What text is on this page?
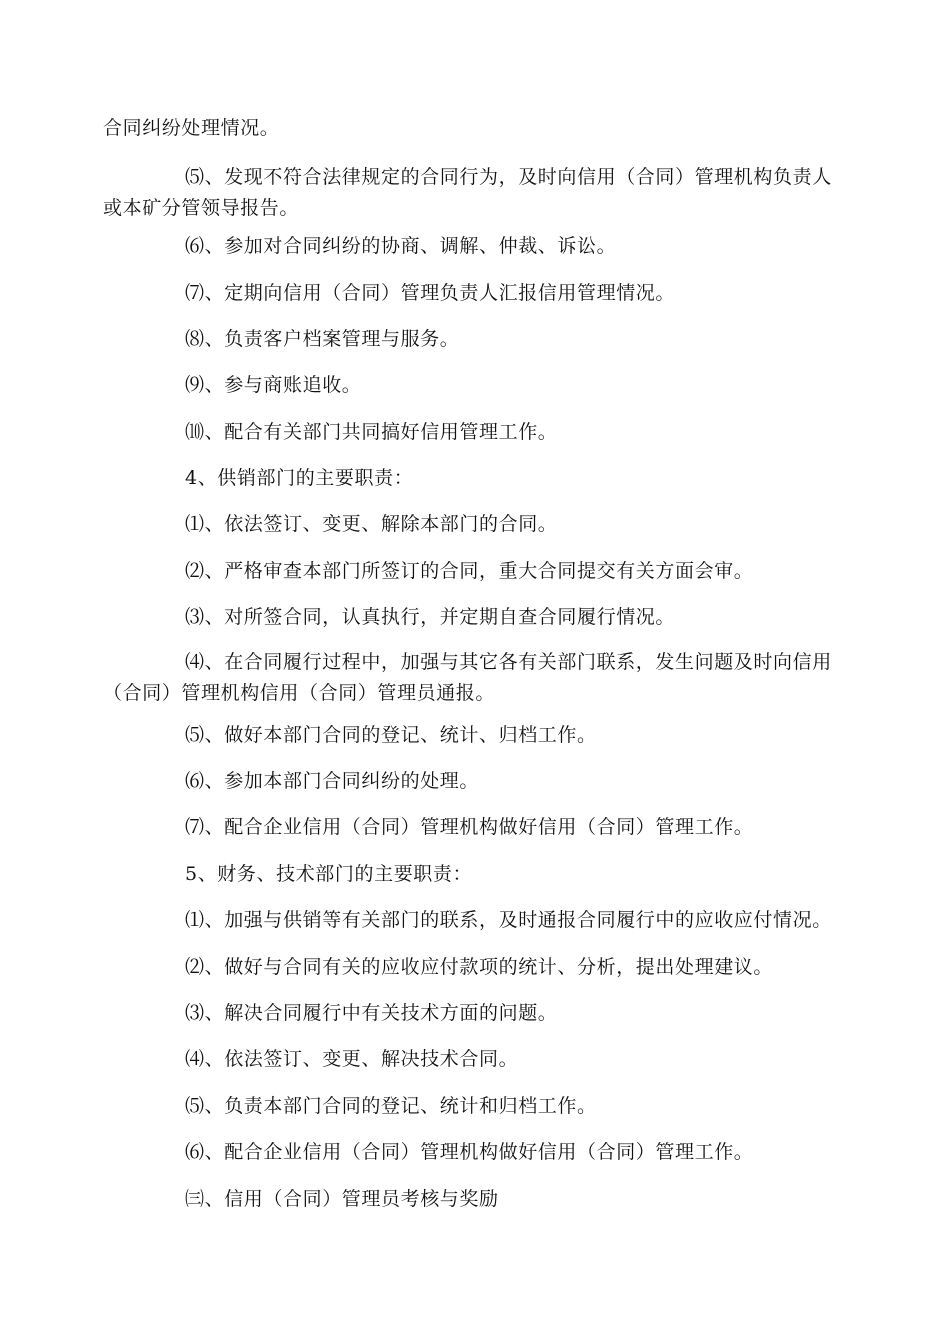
合同纠纷处理情况。

⑸、发现不符合法律规定的合同行为，及时向信用（合同）管理机构负责人或本矿分管领导报告。

⑹、参加对合同纠纷的协商、调解、仲裁、诉讼。

⑺、定期向信用（合同）管理负责人汇报信用管理情况。

⑻、负责客户档案管理与服务。

⑼、参与商账追收。

⑽、配合有关部门共同搞好信用管理工作。

4、供销部门的主要职责：

⑴、依法签订、变更、解除本部门的合同。

⑵、严格审查本部门所签订的合同，重大合同提交有关方面会审。

⑶、对所签合同，认真执行，并定期自查合同履行情况。

⑷、在合同履行过程中，加强与其它各有关部门联系，发生问题及时向信用（合同）管理机构信用（合同）管理员通报。

⑸、做好本部门合同的登记、统计、归档工作。

⑹、参加本部门合同纠纷的处理。

⑺、配合企业信用（合同）管理机构做好信用（合同）管理工作。

5、财务、技术部门的主要职责：

⑴、加强与供销等有关部门的联系，及时通报合同履行中的应收应付情况。

⑵、做好与合同有关的应收应付款项的统计、分析，提出处理建议。

⑶、解决合同履行中有关技术方面的问题。

⑷、依法签订、变更、解决技术合同。

⑸、负责本部门合同的登记、统计和归档工作。

⑹、配合企业信用（合同）管理机构做好信用（合同）管理工作。

㈢、信用（合同）管理员考核与奖励
